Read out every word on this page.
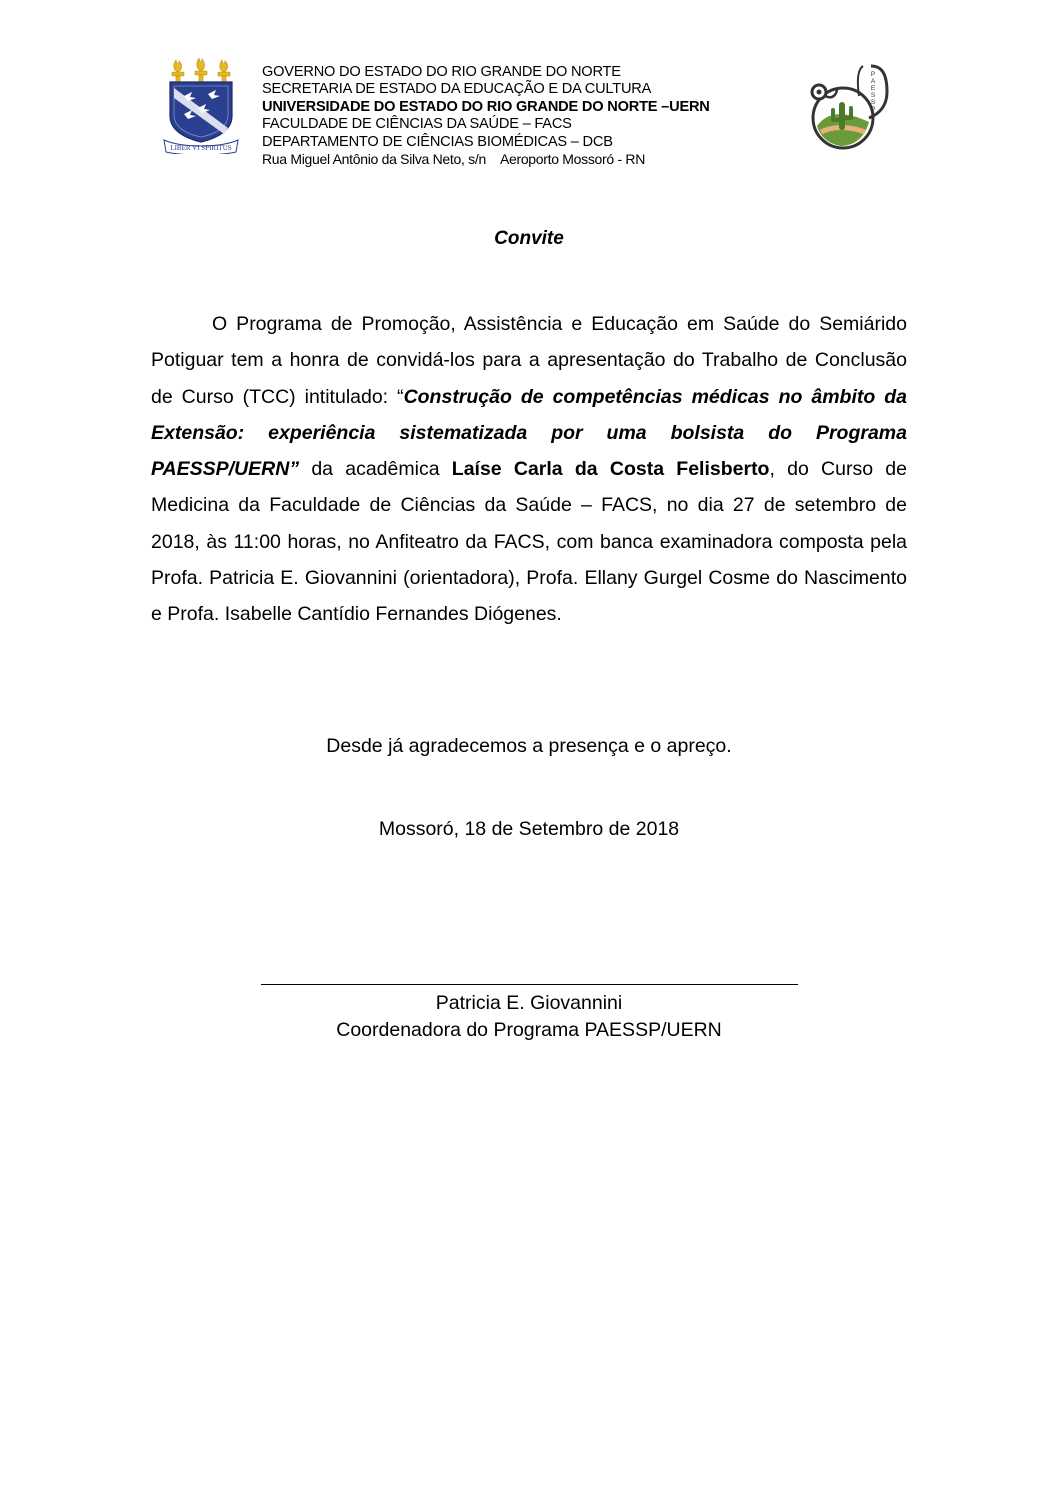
LIBER VI SPIRITUS
GOVERNO DO ESTADO DO RIO GRANDE DO NORTE
SECRETARIA DE ESTADO DA EDUCAÇÃO E DA CULTURA
UNIVERSIDADE DO ESTADO DO RIO GRANDE DO NORTE –UERN
FACULDADE DE CIÊNCIAS DA SAÚDE – FACS
DEPARTAMENTO DE CIÊNCIAS BIOMÉDICAS – DCB
Rua Miguel Antônio da Silva Neto, s/n Aeroporto Mossoró - RN
P
A
E
S
S
P
Convite

O Programa de Promoção, Assistência e Educação em Saúde do Semiárido Potiguar tem a honra de convidá-los para a apresentação do Trabalho de Conclusão de Curso (TCC) intitulado: “Construção de competências médicas no âmbito da Extensão: experiência sistematizada por uma bolsista do Programa PAESSP/UERN” da acadêmica Laíse Carla da Costa Felisberto, do Curso de Medicina da Faculdade de Ciências da Saúde – FACS, no dia 27 de setembro de 2018, às 11:00 horas, no Anfiteatro da FACS, com banca examinadora composta pela Profa. Patricia E. Giovannini (orientadora), Profa. Ellany Gurgel Cosme do Nascimento e Profa. Isabelle Cantídio Fernandes Diógenes.

Desde já agradecemos a presença e o apreço.
Mossoró, 18 de Setembro de 2018
Patricia E. Giovannini
Coordenadora do Programa PAESSP/UERN
